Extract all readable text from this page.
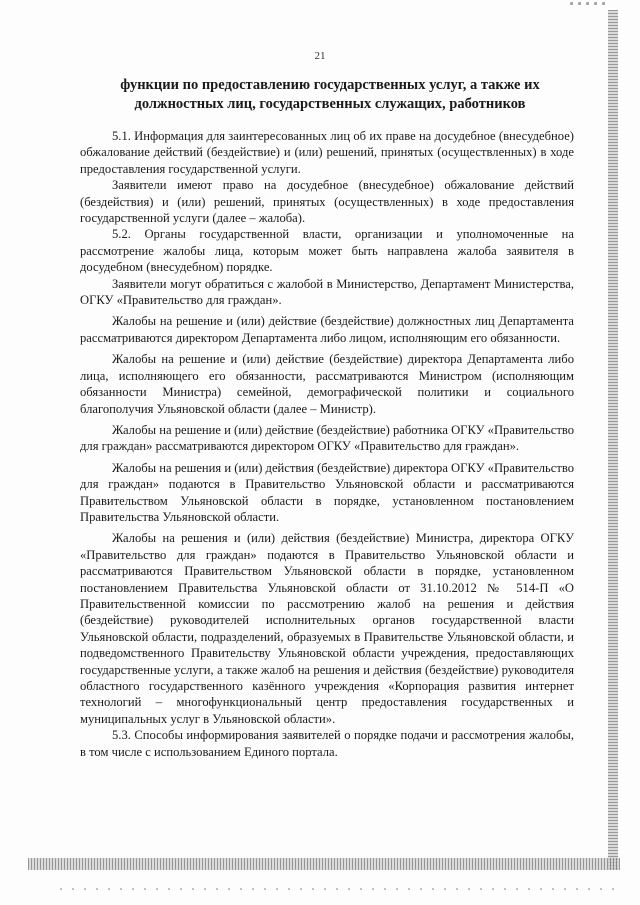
21
функции по предоставлению государственных услуг, а также их
должностных лиц, государственных служащих, работников

5.1. Информация для заинтересованных лиц об их праве на досудебное (внесудебное) обжалование действий (бездействие) и (или) решений, принятых (осуществленных) в ходе предоставления государственной услуги.

Заявители имеют право на досудебное (внесудебное) обжалование действий (бездействия) и (или) решений, принятых (осуществленных) в ходе предоставления государственной услуги (далее – жалоба).

5.2. Органы государственной власти, организации и уполномоченные на рассмотрение жалобы лица, которым может быть направлена жалоба заявителя в досудебном (внесудебном) порядке.

Заявители могут обратиться с жалобой в Министерство, Департамент Министерства, ОГКУ «Правительство для граждан».

Жалобы на решение и (или) действие (бездействие) должностных лиц Департамента рассматриваются директором Департамента либо лицом, исполняющим его обязанности.

Жалобы на решение и (или) действие (бездействие) директора Департамента либо лица, исполняющего его обязанности, рассматриваются Министром (исполняющим обязанности Министра) семейной, демографической политики и социального благополучия Ульяновской области (далее – Министр).

Жалобы на решение и (или) действие (бездействие) работника ОГКУ «Правительство для граждан» рассматриваются директором ОГКУ «Правительство для граждан».

Жалобы на решения и (или) действия (бездействие) директора ОГКУ «Правительство для граждан» подаются в Правительство Ульяновской области и рассматриваются Правительством Ульяновской области в порядке, установленном постановлением Правительства Ульяновской области.

Жалобы на решения и (или) действия (бездействие) Министра, директора ОГКУ «Правительство для граждан» подаются в Правительство Ульяновской области и рассматриваются Правительством Ульяновской области в порядке, установленном постановлением Правительства Ульяновской области от 31.10.2012 № 514-П «О Правительственной комиссии по рассмотрению жалоб на решения и действия (бездействие) руководителей исполнительных органов государственной власти Ульяновской области, подразделений, образуемых в Правительстве Ульяновской области, и подведомственного Правительству Ульяновской области учреждения, предоставляющих государственные услуги, а также жалоб на решения и действия (бездействие) руководителя областного государственного казённого учреждения «Корпорация развития интернет технологий – многофункциональный центр предоставления государственных и муниципальных услуг в Ульяновской области».

5.3. Способы информирования заявителей о порядке подачи и рассмотрения жалобы, в том числе с использованием Единого портала.
